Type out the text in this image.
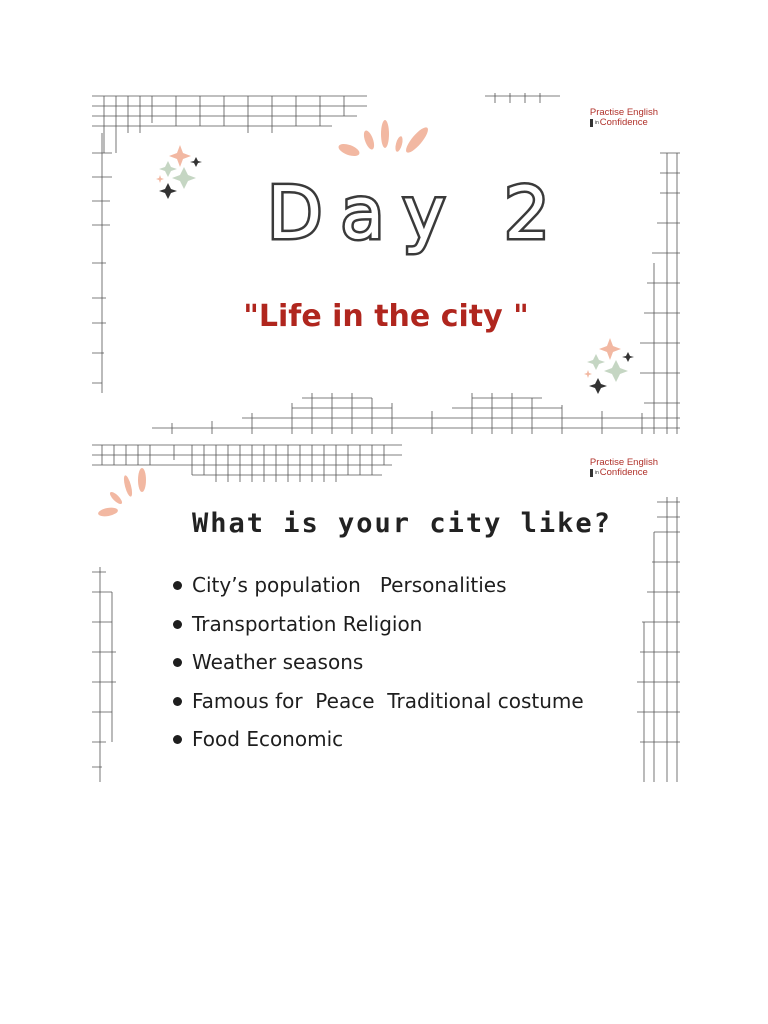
Practise English
in Confidence
Day 2
"Life in the city "
Practise English
in Confidence
What is your city like?
City’s population   Personalities
Transportation Religion
Weather seasons
Famous for  Peace  Traditional costume
Food Economic
